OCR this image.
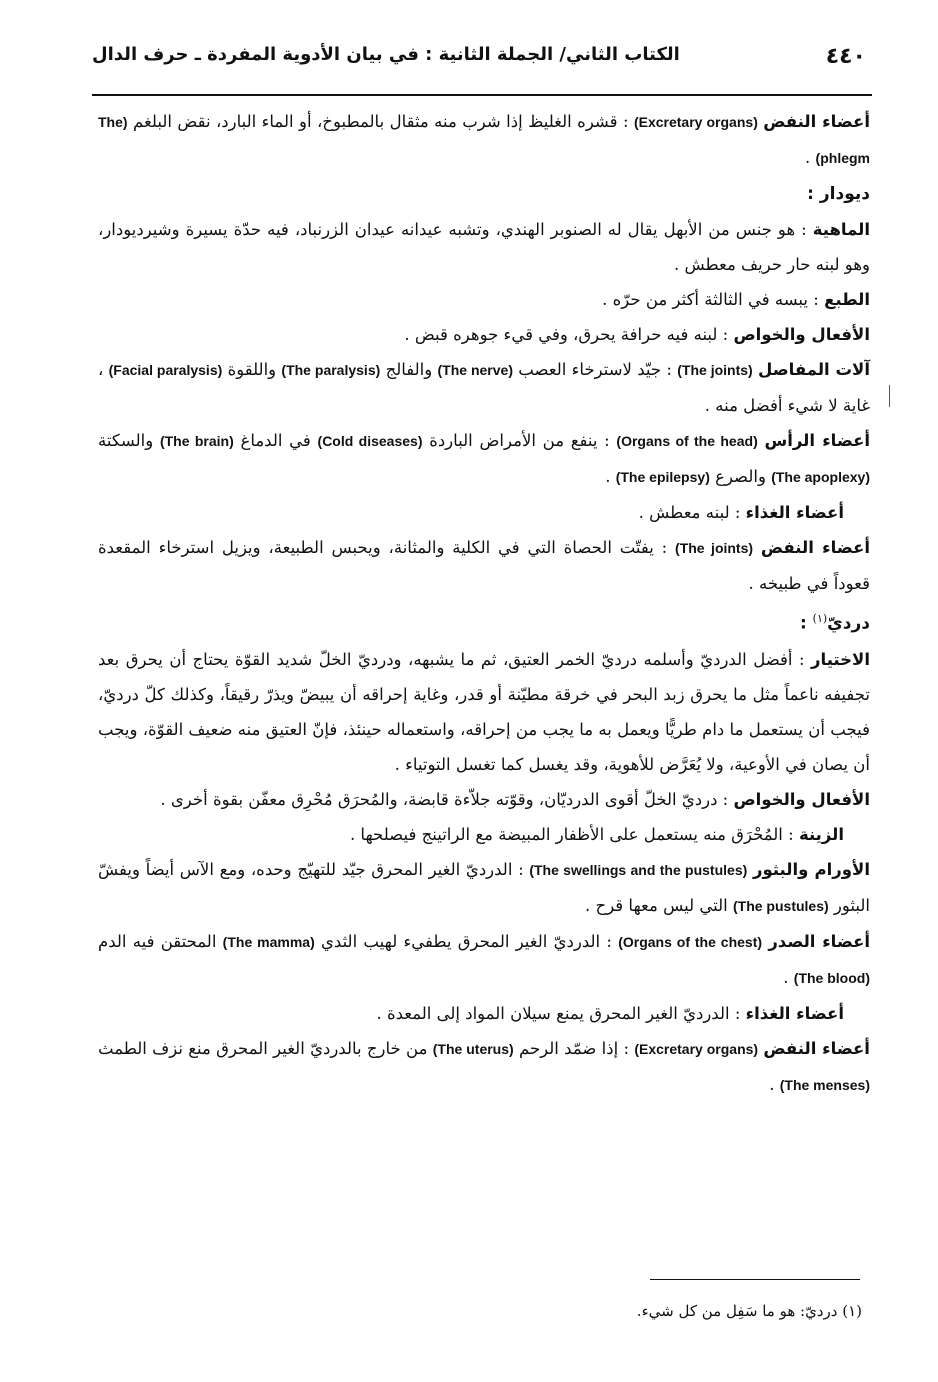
٤٤٠
الكتاب الثاني/ الجملة الثانية : في بيان الأدوية المفردة ـ حرف الدال

أعضاء النفض (Excretary organs) : قشره الغليظ إذا شرب منه مثقال بالمطبوخ، أو الماء البارد، نقض البلغم (The phlegm) .

ديودار :

الماهية : هو جنس من الأبهل يقال له الصنوبر الهندي، وتشبه عيدانه عيدان الزرنباد، فيه حدّة يسيرة وشيرديودار، وهو لبنه حار حريف معطش .

الطبع : يبسه في الثالثة أكثر من حرّه .

الأفعال والخواص : لبنه فيه حرافة يحرق، وفي قيء جوهره قبض .

آلات المفاصل (The joints) : جيّد لاسترخاء العصب (The nerve) والفالج (The paralysis) واللقوة (Facial paralysis) ، غاية لا شيء أفضل منه .

أعضاء الرأس (Organs of the head) : ينفع من الأمراض الباردة (Cold diseases) في الدماغ (The brain) والسكتة (The apoplexy) والصرع (The epilepsy) .

أعضاء الغذاء : لبنه معطش .

أعضاء النفض (The joints) : يفتّت الحصاة التي في الكلية والمثانة، ويحبس الطبيعة، ويزيل استرخاء المقعدة قعوداً في طبيخه .

درديّ$^{(١)}$ :

الاختيار : أفضل الدرديّ وأسلمه درديّ الخمر العتيق، ثم ما يشبهه، ودرديّ الخلّ شديد القوّة يحتاج أن يحرق بعد تجفيفه ناعماً مثل ما يحرق زبد البحر في خرقة مطيّنة أو قدر، وغاية إحراقه أن يبيضّ ويذرّ رقيقاً، وكذلك كلّ درديّ، فيجب أن يستعمل ما دام طريًّا ويعمل به ما يجب من إحراقه، واستعماله حينئذ، فإنّ العتيق منه ضعيف القوّة، ويجب أن يصان في الأوعية، ولا يُعَرَّض للأهوية، وقد يغسل كما تغسل التوتياء .

الأفعال والخواص : درديّ الخلّ أقوى الدرديّان، وقوّته جلاّءة قابضة، والمُحرَق مُحْرِق معفّن بقوة أخرى .

الزينة : المُحْرَق منه يستعمل على الأظفار المبيضة مع الراتينج فيصلحها .

الأورام والبثور (The swellings and the pustules) : الدرديّ الغير المحرق جيّد للتهيّج وحده، ومع الآس أيضاً ويفشّ البثور (The pustules) التي ليس معها قرح .

أعضاء الصدر (Organs of the chest) : الدرديّ الغير المحرق يطفيء لهيب الثدي (The mamma) المحتقن فيه الدم (The blood) .

أعضاء الغذاء : الدرديّ الغير المحرق يمنع سيلان المواد إلى المعدة .

أعضاء النفض (Excretary organs) : إذا ضمّد الرحم (The uterus) من خارج بالدرديّ الغير المحرق منع نزف الطمث (The menses) .

(١) درديّ: هو ما سَفِل من كل شيء.
